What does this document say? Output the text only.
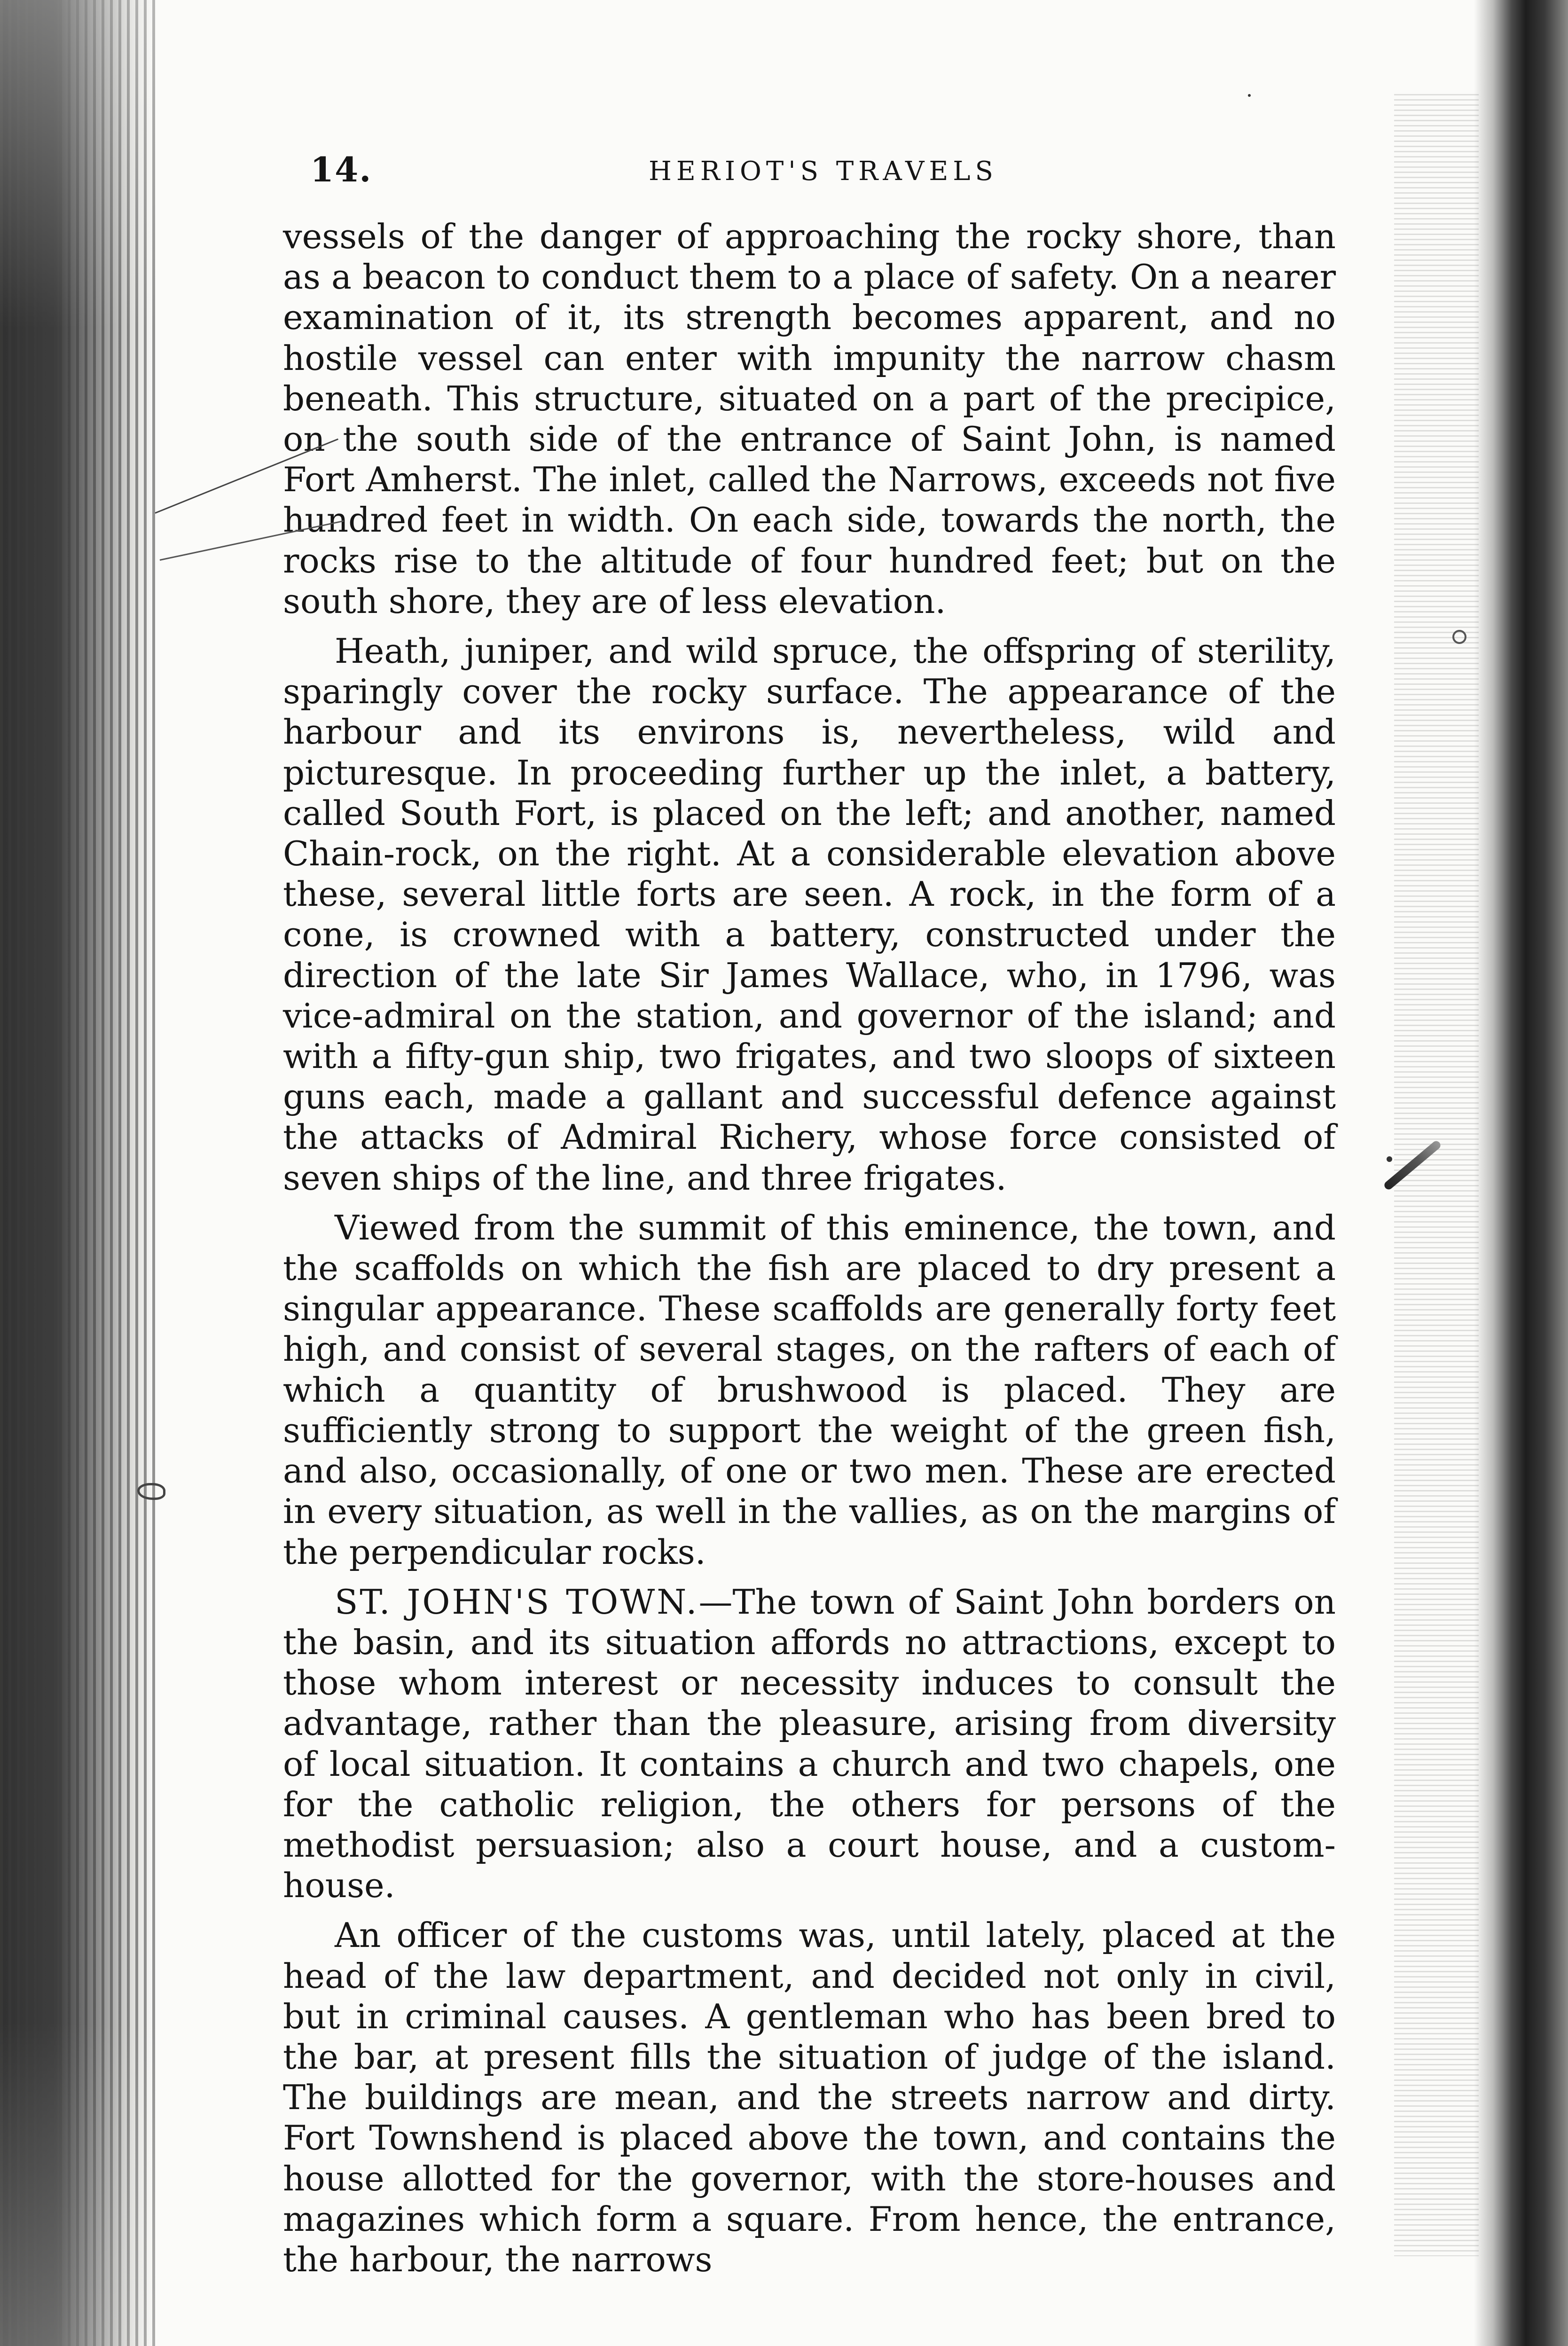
14.	HERIOT'S TRAVELS

vessels of the danger of approaching the rocky shore, than as a beacon to conduct them to a place of safety. On a nearer examination of it, its strength becomes apparent, and no hostile vessel can enter with impunity the narrow chasm beneath. This structure, situated on a part of the precipice, on the south side of the entrance of Saint John, is named Fort Amherst. The inlet, called the Narrows, exceeds not five hundred feet in width. On each side, towards the north, the rocks rise to the altitude of four hundred feet; but on the south shore, they are of less elevation.

Heath, juniper, and wild spruce, the offspring of sterility, sparingly cover the rocky surface. The appearance of the harbour and its environs is, nevertheless, wild and picturesque. In proceeding further up the inlet, a battery, called South Fort, is placed on the left; and another, named Chain-rock, on the right. At a considerable elevation above these, several little forts are seen. A rock, in the form of a cone, is crowned with a battery, constructed under the direction of the late Sir James Wallace, who, in 1796, was vice-admiral on the station, and governor of the island; and with a fifty-gun ship, two frigates, and two sloops of sixteen guns each, made a gallant and successful defence against the attacks of Admiral Richery, whose force consisted of seven ships of the line, and three frigates.

Viewed from the summit of this eminence, the town, and the scaffolds on which the fish are placed to dry present a singular appearance. These scaffolds are generally forty feet high, and consist of several stages, on the rafters of each of which a quantity of brushwood is placed. They are sufficiently strong to support the weight of the green fish, and also, occasionally, of one or two men. These are erected in every situation, as well in the vallies, as on the margins of the perpendicular rocks.

ST. JOHN'S TOWN.—The town of Saint John borders on the basin, and its situation affords no attractions, except to those whom interest or necessity induces to consult the advantage, rather than the pleasure, arising from diversity of local situation. It contains a church and two chapels, one for the catholic religion, the others for persons of the methodist persuasion; also a court house, and a custom-house.

An officer of the customs was, until lately, placed at the head of the law department, and decided not only in civil, but in criminal causes. A gentleman who has been bred to the bar, at present fills the situation of judge of the island. The buildings are mean, and the streets narrow and dirty. Fort Townshend is placed above the town, and contains the house allotted for the governor, with the store-houses and magazines which form a square. From hence, the entrance, the harbour, the narrows
